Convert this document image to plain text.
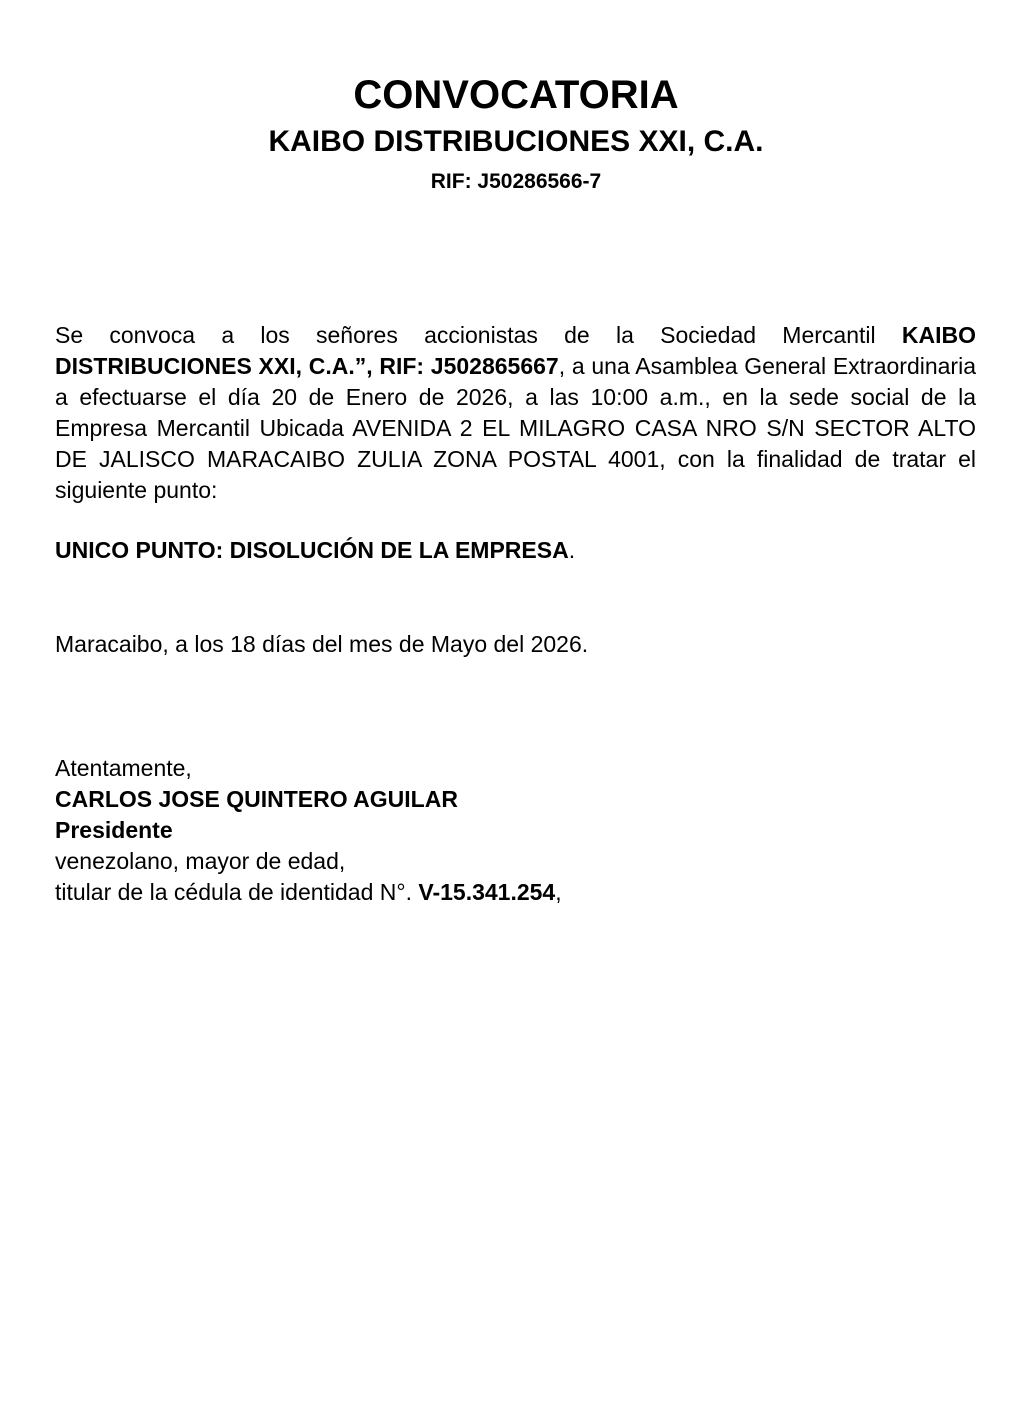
CONVOCATORIA
KAIBO DISTRIBUCIONES XXI, C.A.
RIF: J50286566-7
Se convoca a los señores accionistas de la Sociedad Mercantil KAIBO DISTRIBUCIONES XXI, C.A.”, RIF: J502865667, a una Asamblea General Extraordinaria a efectuarse el día 20 de Enero de 2026, a las 10:00 a.m., en la sede social de la Empresa Mercantil Ubicada AVENIDA 2 EL MILAGRO CASA NRO S/N SECTOR ALTO DE JALISCO MARACAIBO ZULIA ZONA POSTAL 4001, con la finalidad de tratar el siguiente punto:
UNICO PUNTO: DISOLUCIÓN DE LA EMPRESA.
Maracaibo, a los 18 días del mes de Mayo del 2026.
Atentamente,
CARLOS JOSE QUINTERO AGUILAR
Presidente
venezolano, mayor de edad,
titular de la cédula de identidad N°. V-15.341.254,
